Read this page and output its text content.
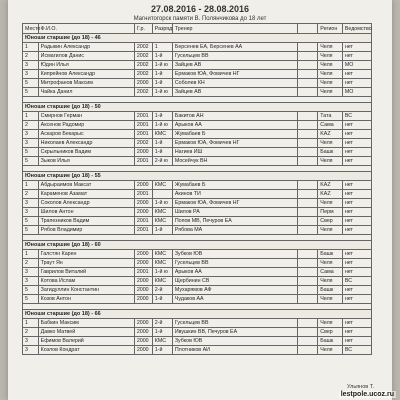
27.08.2016 - 28.08.2016
Магнитогорск памяти В. Полянчикова до 18 лет
Место	Ф.И.О.	Г.р.	Разряд	Тренер		Регион	Ведомство
Юноши старшие (до 18) - 46							
1	Радыкин Александр	2002	1	Берсенев ЕА, Берсенев АА		Челя	нет
2	Исмагилов Данис	2002	1-й	Гусельцев ВВ		Челя	нет
3	Юдин Илья	2002	1-й ю	Зайцев АВ		Челя	МО
3	Кипрейнов Александр	2002	1-й	Ермаков ЮА, Фомичев НГ		Челя	нет
5	Митрофанов Максим	2000	1-й	Соболев КН		Челя	нет
5	Чайка Данил	2002	1-й ю	Зайцев АВ		Челя	МО

Юноши старшие (до 18) - 50							
1	Смирнов Герман	2001	1-й	Бакитов АН		Тата	ВС
2	Аксенов Радомир	2001	1-й ю	Арыков АА		Сама	нет
3	Аскаров Бекарыс	2001	КМС	Жумабаев Б		KAZ	нет
3	Николаев Александр	2002	1-й	Ермаков ЮА, Фомичев НГ		Челя	нет
5	Скрыльников Вадим	2000	1-й	Нагиев ИШ		Башк	нет
5	Зыков Илья	2001	2-й ю	Мосейчук ВН		Челя	нет

Юноши старшие (до 18) - 55							
1	Абдыраимов Максат	2000	КМС	Жумабаев Б		KAZ	нет
2	Караменов Азамат	2001		Акинов ТИ		KAZ	нет
3	Соколов Александр	2000	1-й ю	Ермаков ЮА, Фомичев НГ		Челя	нет
3	Шилов Антон	2000	КМС	Шилов РА		Перм	нет
5	Трапезников Вадим	2001	КМС	Попов МВ, Печуров ЕА		Свер	нет
5	Рябов Владимир	2001	1-й	Рябова МА		Челя	нет

Юноши старшие (до 18) - 60							
1	Галстян Карен	2000	КМС	Зубков ЮВ		Башк	нет
2	Траут Ян	2000	КМС	Гусельцев ВВ		Челя	нет
3	Гаврилов Виталий	2001	1-й ю	Арыков АА		Сама	нет
3	Котова Ислам	2000	КМС	Щербинин СВ		Челя	ВС
5	Загидуллин Константин	2000	2-й	Мухарямов АФ		Башк	нет
5	Козов Антон	2000	1-й	Чудаков АА		Челя	нет

Юноши старшие (до 18) - 66							
1	Бабкин Максим	2000	2-й	Гусельцев ВВ		Челя	нет
2	Давко Матвей	2000	1-й	Ивушкин ВВ, Печуров ЕА		Свер	нет
3	Ефимов Валерий	2000	КМС	Зубков ЮВ		Башк	нет
3	Козлов Кондрат	2000	1-й	Плотников АИ		Челя	ВС
Ульянов Т.
lestpole.ucoz.ru
